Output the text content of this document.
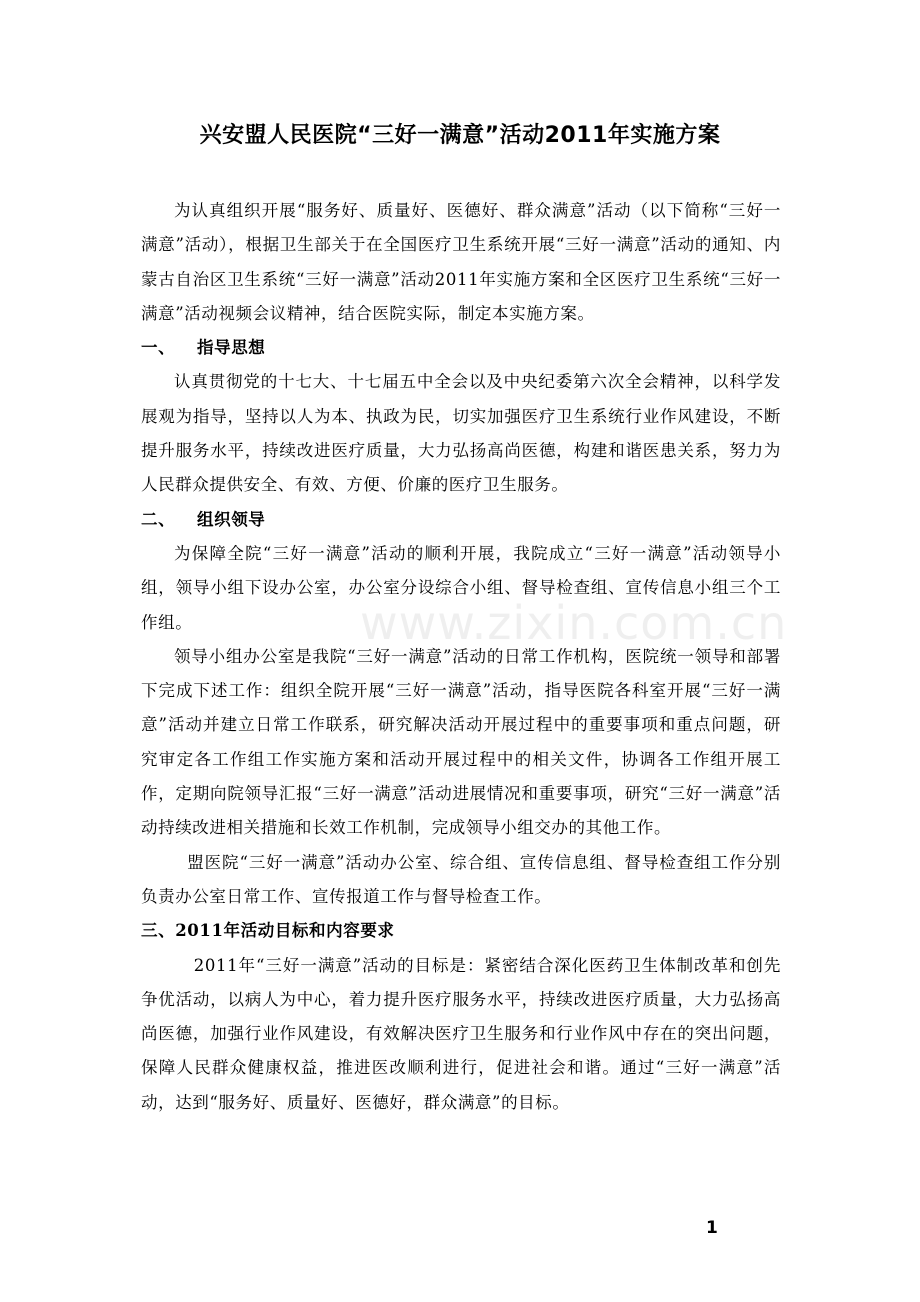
兴安盟人民医院“三好一满意”活动2011年实施方案

为认真组织开展“服务好、质量好、医德好、群众满意”活动（以下简称“三好一满意”活动），根据卫生部关于在全国医疗卫生系统开展“三好一满意”活动的通知、内蒙古自治区卫生系统“三好一满意”活动2011年实施方案和全区医疗卫生系统“三好一满意”活动视频会议精神，结合医院实际，制定本实施方案。

一、 指导思想

认真贯彻党的十七大、十七届五中全会以及中央纪委第六次全会精神，以科学发展观为指导，坚持以人为本、执政为民，切实加强医疗卫生系统行业作风建设，不断提升服务水平，持续改进医疗质量，大力弘扬高尚医德，构建和谐医患关系，努力为人民群众提供安全、有效、方便、价廉的医疗卫生服务。

二、 组织领导

为保障全院“三好一满意”活动的顺利开展，我院成立“三好一满意”活动领导小组，领导小组下设办公室，办公室分设综合小组、督导检查组、宣传信息小组三个工作组。

领导小组办公室是我院“三好一满意”活动的日常工作机构，医院统一领导和部署下完成下述工作：组织全院开展“三好一满意”活动，指导医院各科室开展“三好一满意”活动并建立日常工作联系，研究解决活动开展过程中的重要事项和重点问题，研究审定各工作组工作实施方案和活动开展过程中的相关文件，协调各工作组开展工作，定期向院领导汇报“三好一满意”活动进展情况和重要事项，研究“三好一满意”活动持续改进相关措施和长效工作机制，完成领导小组交办的其他工作。

盟医院“三好一满意”活动办公室、综合组、宣传信息组、督导检查组工作分别负责办公室日常工作、宣传报道工作与督导检查工作。

三、2011年活动目标和内容要求

2011年“三好一满意”活动的目标是：紧密结合深化医药卫生体制改革和创先争优活动，以病人为中心，着力提升医疗服务水平，持续改进医疗质量，大力弘扬高尚医德，加强行业作风建设，有效解决医疗卫生服务和行业作风中存在的突出问题，保障人民群众健康权益，推进医改顺利进行，促进社会和谐。通过“三好一满意”活动，达到“服务好、质量好、医德好，群众满意”的目标。

www.zixin.com.cn
1
